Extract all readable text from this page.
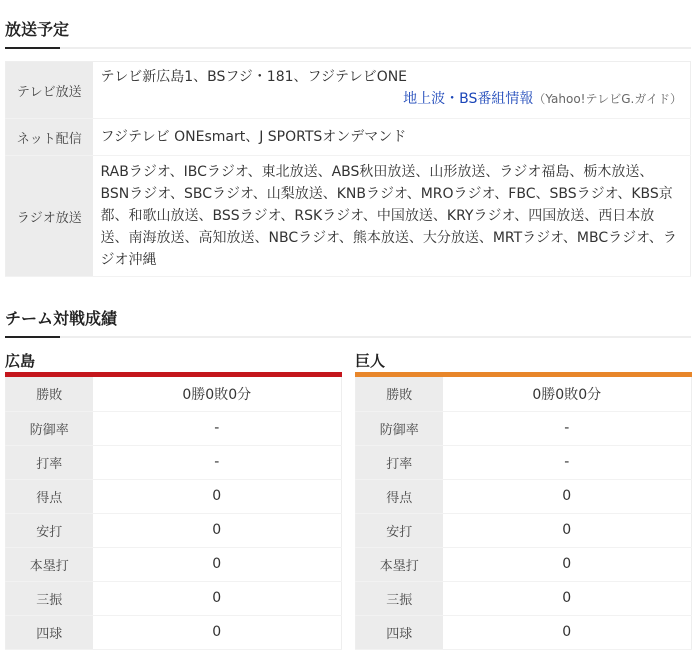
放送予定
テレビ放送	テレビ新広島1、BSフジ・181、フジテレビONE
地上波・BS番組情報（Yahoo!テレビG.ガイド）

ネット配信	フジテレビ ONEsmart、J SPORTSオンデマンド
ラジオ放送	RABラジオ、IBCラジオ、東北放送、ABS秋田放送、山形放送、ラジオ福島、栃木放送、BSNラジオ、SBCラジオ、山梨放送、KNBラジオ、MROラジオ、FBC、SBSラジオ、KBS京都、和歌山放送、BSSラジオ、RSKラジオ、中国放送、KRYラジオ、四国放送、西日本放送、南海放送、高知放送、NBCラジオ、熊本放送、大分放送、MRTラジオ、MBCラジオ、ラジオ沖縄
チーム対戦成績
広島
勝敗	0勝0敗0分
防御率	-
打率	-
得点	0
安打	0
本塁打	0
三振	0
四球	0
巨人
勝敗	0勝0敗0分
防御率	-
打率	-
得点	0
安打	0
本塁打	0
三振	0
四球	0
